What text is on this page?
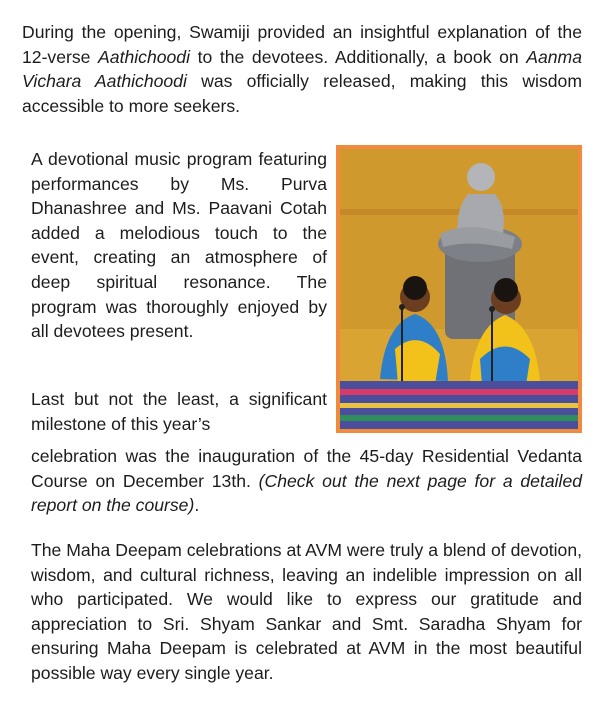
During the opening, Swamiji provided an insightful explanation of the 12-verse Aathichoodi to the devotees. Additionally, a book on Aanma Vichara Aathichoodi was officially released, making this wisdom accessible to more seekers.

A devotional music program featuring performances by Ms. Purva Dhanashree and Ms. Paavani Cotah added a melodious touch to the event, creating an atmosphere of deep spiritual resonance. The program was thoroughly enjoyed by all devotees present.

Last but not the least, a significant milestone of this year’s

celebration was the inauguration of the 45-day Residential Vedanta Course on December 13th. (Check out the next page for a detailed report on the course).

The Maha Deepam celebrations at AVM were truly a blend of devotion, wisdom, and cultural richness, leaving an indelible impression on all who participated. We would like to express our gratitude and appreciation to Sri. Shyam Sankar and Smt. Saradha Shyam for ensuring Maha Deepam is celebrated at AVM in the most beautiful possible way every single year.
